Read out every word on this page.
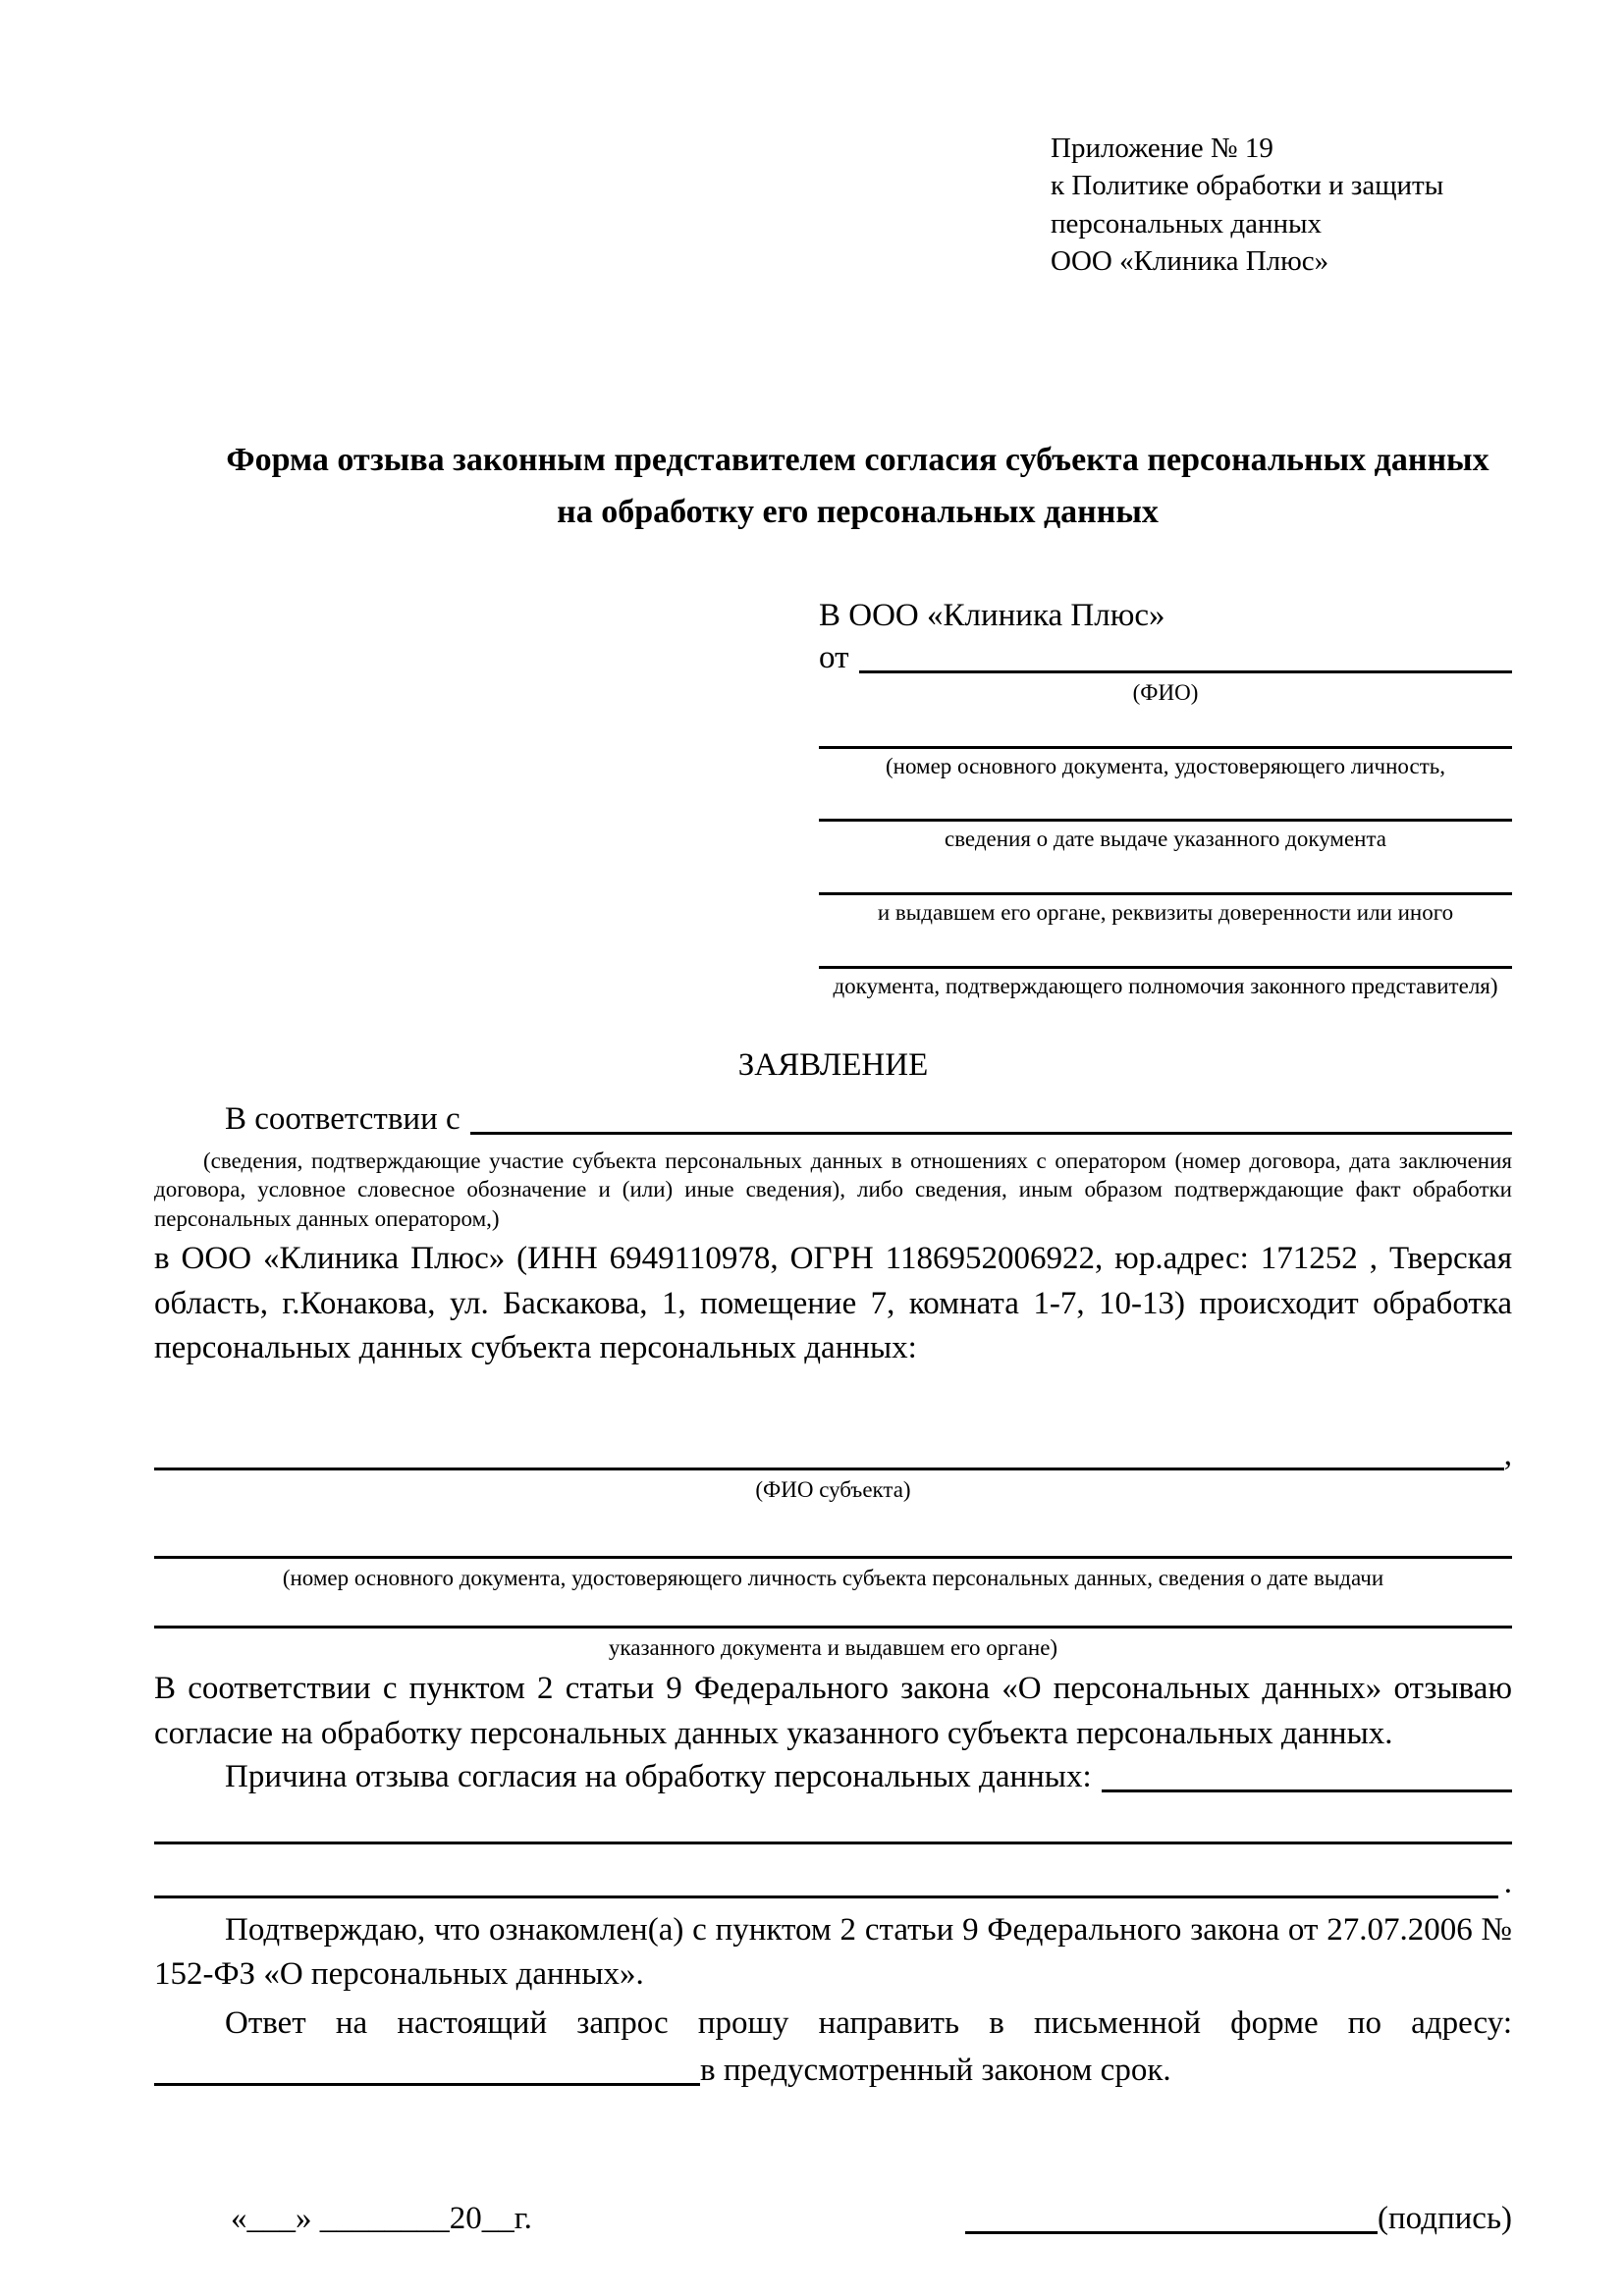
Приложение № 19
к Политике обработки и защиты
персональных данных
ООО «Клиника Плюс»
Форма отзыва законным представителем согласия субъекта персональных данных на обработку его персональных данных
В ООО «Клиника Плюс»
от
(ФИО)
(номер основного документа, удостоверяющего личность,
сведения о дате выдаче указанного документа
и выдавшем его органе, реквизиты доверенности или иного
документа, подтверждающего полномочия законного представителя)
ЗАЯВЛЕНИЕ
В соответствии с
(сведения, подтверждающие участие субъекта персональных данных в отношениях с оператором (номер договора, дата заключения договора, условное словесное обозначение и (или) иные сведения), либо сведения, иным образом подтверждающие факт обработки персональных данных оператором,)

в ООО «Клиника Плюс» (ИНН 6949110978, ОГРН 1186952006922, юр.адрес: 171252 , Тверская область, г.Конакова, ул. Баскакова, 1, помещение 7, комната 1-7, 10-13) происходит обработка персональных данных субъекта персональных данных:

,
(ФИО субъекта)
(номер основного документа, удостоверяющего личность субъекта персональных данных, сведения о дате выдачи
указанного документа и выдавшем его органе)

В соответствии с пунктом 2 статьи 9 Федерального закона «О персональных данных» отзываю согласие на обработку персональных данных указанного субъекта персональных данных.

Причина отзыва согласия на обработку персональных данных:
.

Подтверждаю, что ознакомлен(а) с пунктом 2 статьи 9 Федерального закона от 27.07.2006 № 152-ФЗ «О персональных данных».

Ответ на настоящий запрос прошу направить в письменной форме по адресу:

в предусмотренный законом срок.
«___» ________20__г.	(подпись)
